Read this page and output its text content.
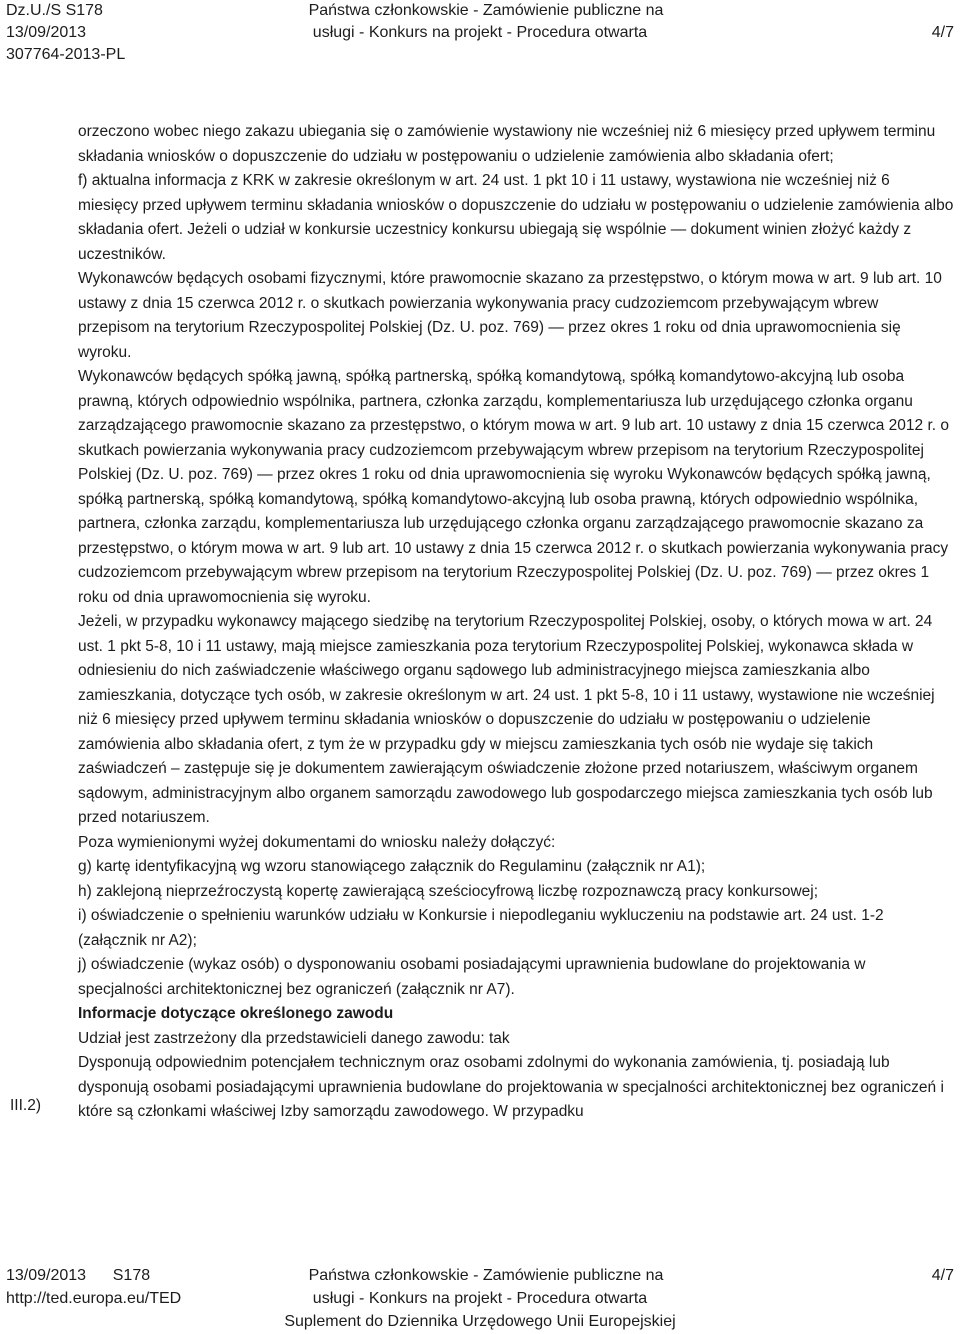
Dz.U./S S178
13/09/2013
307764-2013-PL
Państwa członkowskie - Zamówienie publiczne na
usługi - Konkurs na projekt - Procedura otwarta	4/7

orzeczono wobec niego zakazu ubiegania się o zamówienie wystawiony nie wcześniej niż 6 miesięcy przed upływem terminu składania wniosków o dopuszczenie do udziału w postępowaniu o udzielenie zamówienia albo składania ofert;

f) aktualna informacja z KRK w zakresie określonym w art. 24 ust. 1 pkt 10 i 11 ustawy, wystawiona nie wcześniej niż 6 miesięcy przed upływem terminu składania wniosków o dopuszczenie do udziału w postępowaniu o udzielenie zamówienia albo składania ofert. Jeżeli o udział w konkursie uczestnicy konkursu ubiegają się wspólnie — dokument winien złożyć każdy z uczestników.

Wykonawców będących osobami fizycznymi, które prawomocnie skazano za przestępstwo, o którym mowa w art. 9 lub art. 10 ustawy z dnia 15 czerwca 2012 r. o skutkach powierzania wykonywania pracy cudzoziemcom przebywającym wbrew przepisom na terytorium Rzeczypospolitej Polskiej (Dz. U. poz. 769) — przez okres 1 roku od dnia uprawomocnienia się wyroku.

Wykonawców będących spółką jawną, spółką partnerską, spółką komandytową, spółką komandytowo-akcyjną lub osoba prawną, których odpowiednio wspólnika, partnera, członka zarządu, komplementariusza lub urzędującego członka organu zarządzającego prawomocnie skazano za przestępstwo, o którym mowa w art. 9 lub art. 10 ustawy z dnia 15 czerwca 2012 r. o skutkach powierzania wykonywania pracy cudzoziemcom przebywającym wbrew przepisom na terytorium Rzeczypospolitej Polskiej (Dz. U. poz. 769) — przez okres 1 roku od dnia uprawomocnienia się wyroku Wykonawców będących spółką jawną, spółką partnerską, spółką komandytową, spółką komandytowo-akcyjną lub osoba prawną, których odpowiednio wspólnika, partnera, członka zarządu, komplementariusza lub urzędującego członka organu zarządzającego prawomocnie skazano za przestępstwo, o którym mowa w art. 9 lub art. 10 ustawy z dnia 15 czerwca 2012 r. o skutkach powierzania wykonywania pracy cudzoziemcom przebywającym wbrew przepisom na terytorium Rzeczypospolitej Polskiej (Dz. U. poz. 769) — przez okres 1 roku od dnia uprawomocnienia się wyroku.

Jeżeli, w przypadku wykonawcy mającego siedzibę na terytorium Rzeczypospolitej Polskiej, osoby, o których mowa w art. 24 ust. 1 pkt 5-8, 10 i 11 ustawy, mają miejsce zamieszkania poza terytorium Rzeczypospolitej Polskiej, wykonawca składa w odniesieniu do nich zaświadczenie właściwego organu sądowego lub administracyjnego miejsca zamieszkania albo zamieszkania, dotyczące tych osób, w zakresie określonym w art. 24 ust. 1 pkt 5-8, 10 i 11 ustawy, wystawione nie wcześniej niż 6 miesięcy przed upływem terminu składania wniosków o dopuszczenie do udziału w postępowaniu o udzielenie zamówienia albo składania ofert, z tym że w przypadku gdy w miejscu zamieszkania tych osób nie wydaje się takich zaświadczeń – zastępuje się je dokumentem zawierającym oświadczenie złożone przed notariuszem, właściwym organem sądowym, administracyjnym albo organem samorządu zawodowego lub gospodarczego miejsca zamieszkania tych osób lub przed notariuszem.

Poza wymienionymi wyżej dokumentami do wniosku należy dołączyć:

g) kartę identyfikacyjną wg wzoru stanowiącego załącznik do Regulaminu (załącznik nr A1);

h) zaklejoną nieprzeźroczystą kopertę zawierającą sześciocyfrową liczbę rozpoznawczą pracy konkursowej;

i) oświadczenie o spełnieniu warunków udziału w Konkursie i niepodleganiu wykluczeniu na podstawie art. 24 ust. 1-2 (załącznik nr A2);

j) oświadczenie (wykaz osób) o dysponowaniu osobami posiadającymi uprawnienia budowlane do projektowania w specjalności architektonicznej bez ograniczeń (załącznik nr A7).

Informacje dotyczące określonego zawodu

Udział jest zastrzeżony dla przedstawicieli danego zawodu: tak

Dysponują odpowiednim potencjałem technicznym oraz osobami zdolnymi do wykonania zamówienia, tj. posiadają lub dysponują osobami posiadającymi uprawnienia budowlane do projektowania w specjalności architektonicznej bez ograniczeń i które są członkami właściwej Izby samorządu zawodowego. W przypadku

III.2)
13/09/2013 S178
http://ted.europa.eu/TED
Państwa członkowskie - Zamówienie publiczne na
usługi - Konkurs na projekt - Procedura otwarta
Suplement do Dziennika Urzędowego Unii Europejskiej
4/7
